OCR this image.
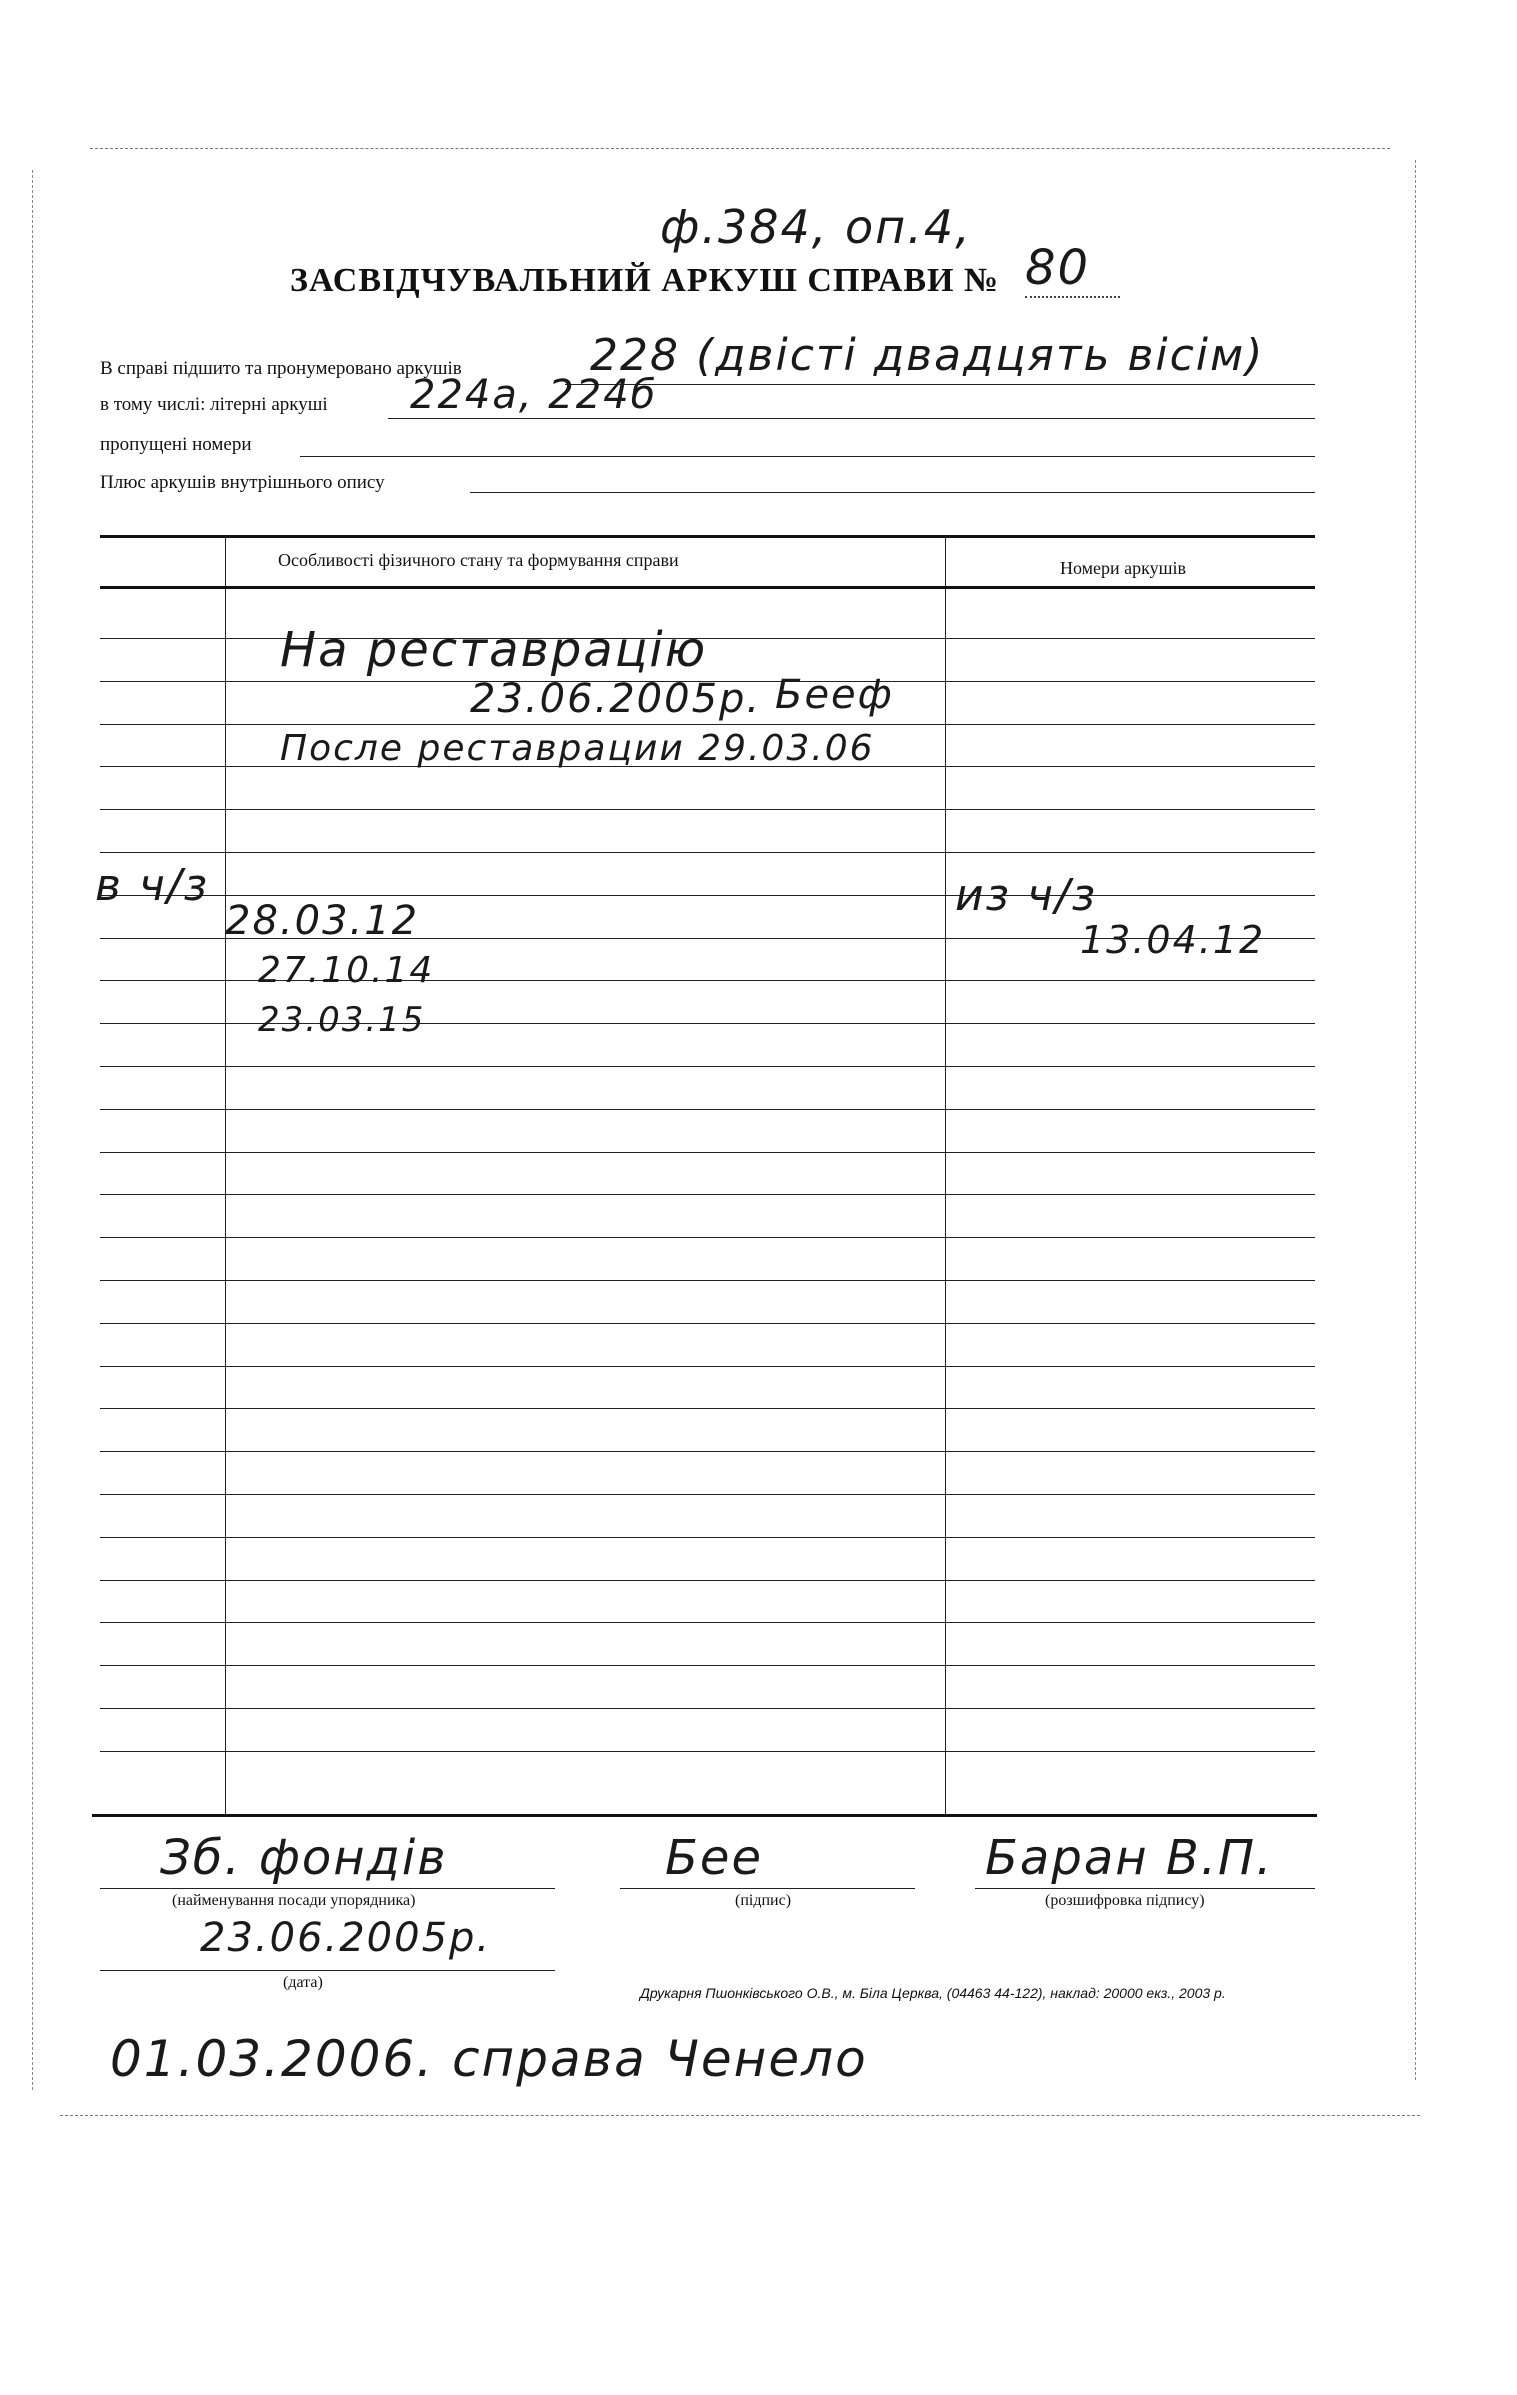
ф.384, оп.4,
ЗАСВІДЧУВАЛЬНИЙ АРКУШ СПРАВИ № 80
В справі підшито та пронумеровано аркушів	228 (двісті двадцять вісім)
в тому числі: літерні аркуші 224а, 224б
пропущені номери
Плюс аркушів внутрішнього опису
Особливості фізичного стану та формування справи	Номери аркушів
На реставрацію
23.06.2005р. Бееф
После реставрации 29.03.06
в ч/з
28.03.12
27.10.14
23.03.15
из ч/з
13.04.12
Зб. фондів
(найменування посади упорядника)
Бее
(підпис)
Баран В.П.
(розшифровка підпису)
23.06.2005р.
(дата)
Друкарня Пшонківського О.В., м. Біла Церква, (04463 44-122), наклад: 20000 екз., 2003 р.
01.03.2006. справа Ченело
